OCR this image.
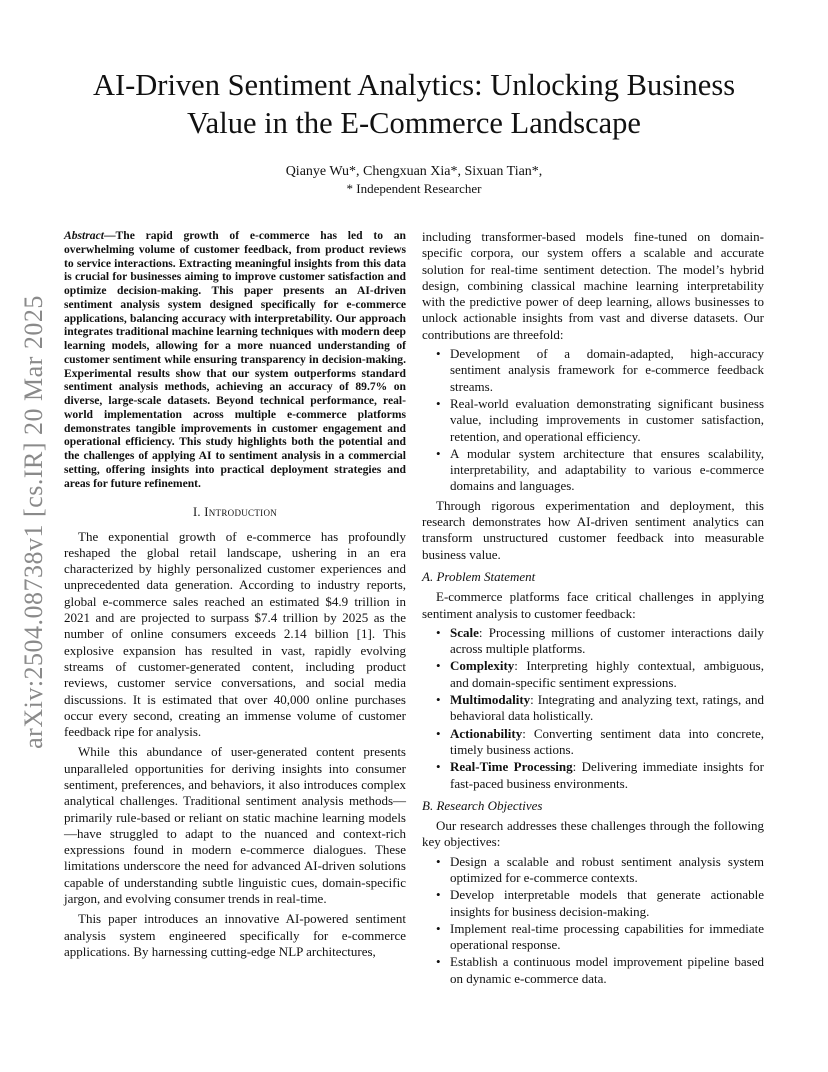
arXiv:2504.08738v1 [cs.IR] 20 Mar 2025
AI-Driven Sentiment Analytics: Unlocking Business
Value in the E-Commerce Landscape
Qianye Wu*, Chengxuan Xia*, Sixuan Tian*,
* Independent Researcher

Abstract—The rapid growth of e-commerce has led to an overwhelming volume of customer feedback, from product reviews to service interactions. Extracting meaningful insights from this data is crucial for businesses aiming to improve customer satisfaction and optimize decision-making. This paper presents an AI-driven sentiment analysis system designed specifically for e-commerce applications, balancing accuracy with interpretability. Our approach integrates traditional machine learning techniques with modern deep learning models, allowing for a more nuanced understanding of customer sentiment while ensuring transparency in decision-making. Experimental results show that our system outperforms standard sentiment analysis methods, achieving an accuracy of 89.7% on diverse, large-scale datasets. Beyond technical performance, real-world implementation across multiple e-commerce platforms demonstrates tangible improvements in customer engagement and operational efficiency. This study highlights both the potential and the challenges of applying AI to sentiment analysis in a commercial setting, offering insights into practical deployment strategies and areas for future refinement.

I. Introduction

The exponential growth of e-commerce has profoundly reshaped the global retail landscape, ushering in an era characterized by highly personalized customer experiences and unprecedented data generation. According to industry reports, global e-commerce sales reached an estimated $4.9 trillion in 2021 and are projected to surpass $7.4 trillion by 2025 as the number of online consumers exceeds 2.14 billion [1]. This explosive expansion has resulted in vast, rapidly evolving streams of customer-generated content, including product reviews, customer service conversations, and social media discussions. It is estimated that over 40,000 online purchases occur every second, creating an immense volume of customer feedback ripe for analysis.

While this abundance of user-generated content presents unparalleled opportunities for deriving insights into consumer sentiment, preferences, and behaviors, it also introduces complex analytical challenges. Traditional sentiment analysis methods—primarily rule-based or reliant on static machine learning models—have struggled to adapt to the nuanced and context-rich expressions found in modern e-commerce dialogues. These limitations underscore the need for advanced AI-driven solutions capable of understanding subtle linguistic cues, domain-specific jargon, and evolving consumer trends in real-time.

This paper introduces an innovative AI-powered sentiment analysis system engineered specifically for e-commerce applications. By harnessing cutting-edge NLP architectures,

including transformer-based models fine-tuned on domain-specific corpora, our system offers a scalable and accurate solution for real-time sentiment detection. The model’s hybrid design, combining classical machine learning interpretability with the predictive power of deep learning, allows businesses to unlock actionable insights from vast and diverse datasets. Our contributions are threefold:

• Development of a domain-adapted, high-accuracy sentiment analysis framework for e-commerce feedback streams.
• Real-world evaluation demonstrating significant business value, including improvements in customer satisfaction, retention, and operational efficiency.
• A modular system architecture that ensures scalability, interpretability, and adaptability to various e-commerce domains and languages.

Through rigorous experimentation and deployment, this research demonstrates how AI-driven sentiment analytics can transform unstructured customer feedback into measurable business value.

A. Problem Statement

E-commerce platforms face critical challenges in applying sentiment analysis to customer feedback:

• Scale: Processing millions of customer interactions daily across multiple platforms.
• Complexity: Interpreting highly contextual, ambiguous, and domain-specific sentiment expressions.
• Multimodality: Integrating and analyzing text, ratings, and behavioral data holistically.
• Actionability: Converting sentiment data into concrete, timely business actions.
• Real-Time Processing: Delivering immediate insights for fast-paced business environments.
B. Research Objectives

Our research addresses these challenges through the following key objectives:

• Design a scalable and robust sentiment analysis system optimized for e-commerce contexts.
• Develop interpretable models that generate actionable insights for business decision-making.
• Implement real-time processing capabilities for immediate operational response.
• Establish a continuous model improvement pipeline based on dynamic e-commerce data.
